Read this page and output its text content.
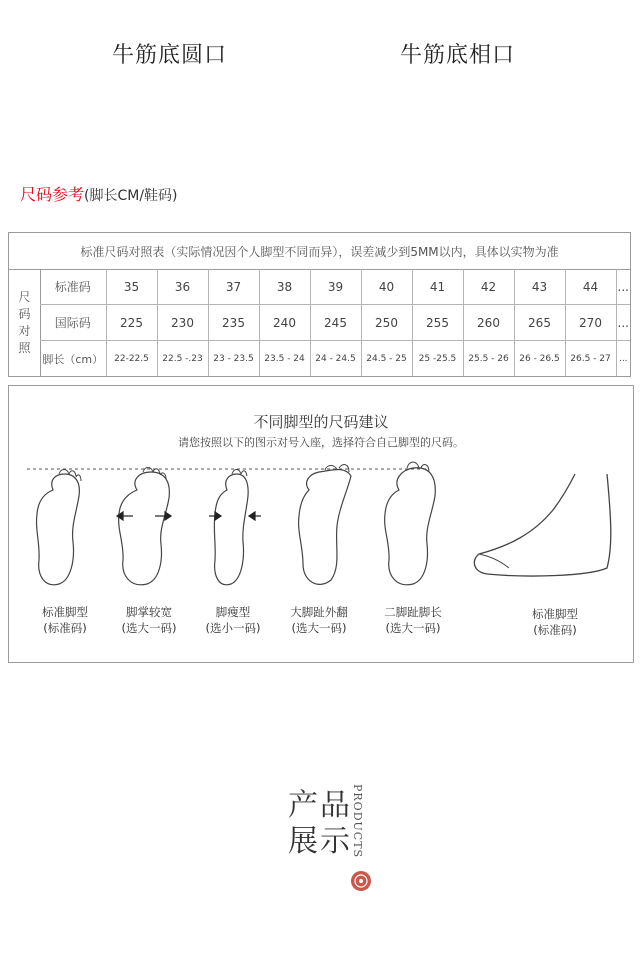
牛筋底圆口	牛筋底相口
尺码参考(脚长CM/鞋码)
标准尺码对照表（实际情况因个人脚型不同而异），误差减少到5MM以内，具体以实物为准
尺
码
对
照
标准码	35	36	37	38	39	40	41	42	43	44	...
国际码	225	230	235	240	245	250	255	260	265	270	...
脚长（cm）	22-22.5	22.5 -.23	23 - 23.5	23.5 - 24	24 - 24.5	24.5 - 25	25 -25.5	25.5 - 26	26 - 26.5	26.5 - 27	...
不同脚型的尺码建议
请您按照以下的图示对号入座，选择符合自己脚型的尺码。
标准脚型
(标准码)
脚掌较宽
(选大一码)
脚瘦型
(选小一码)
大脚趾外翻
(选大一码)
二脚趾脚长
(选大一码)
标准脚型
(标准码)
产 品
展 示 PRODUCTS
